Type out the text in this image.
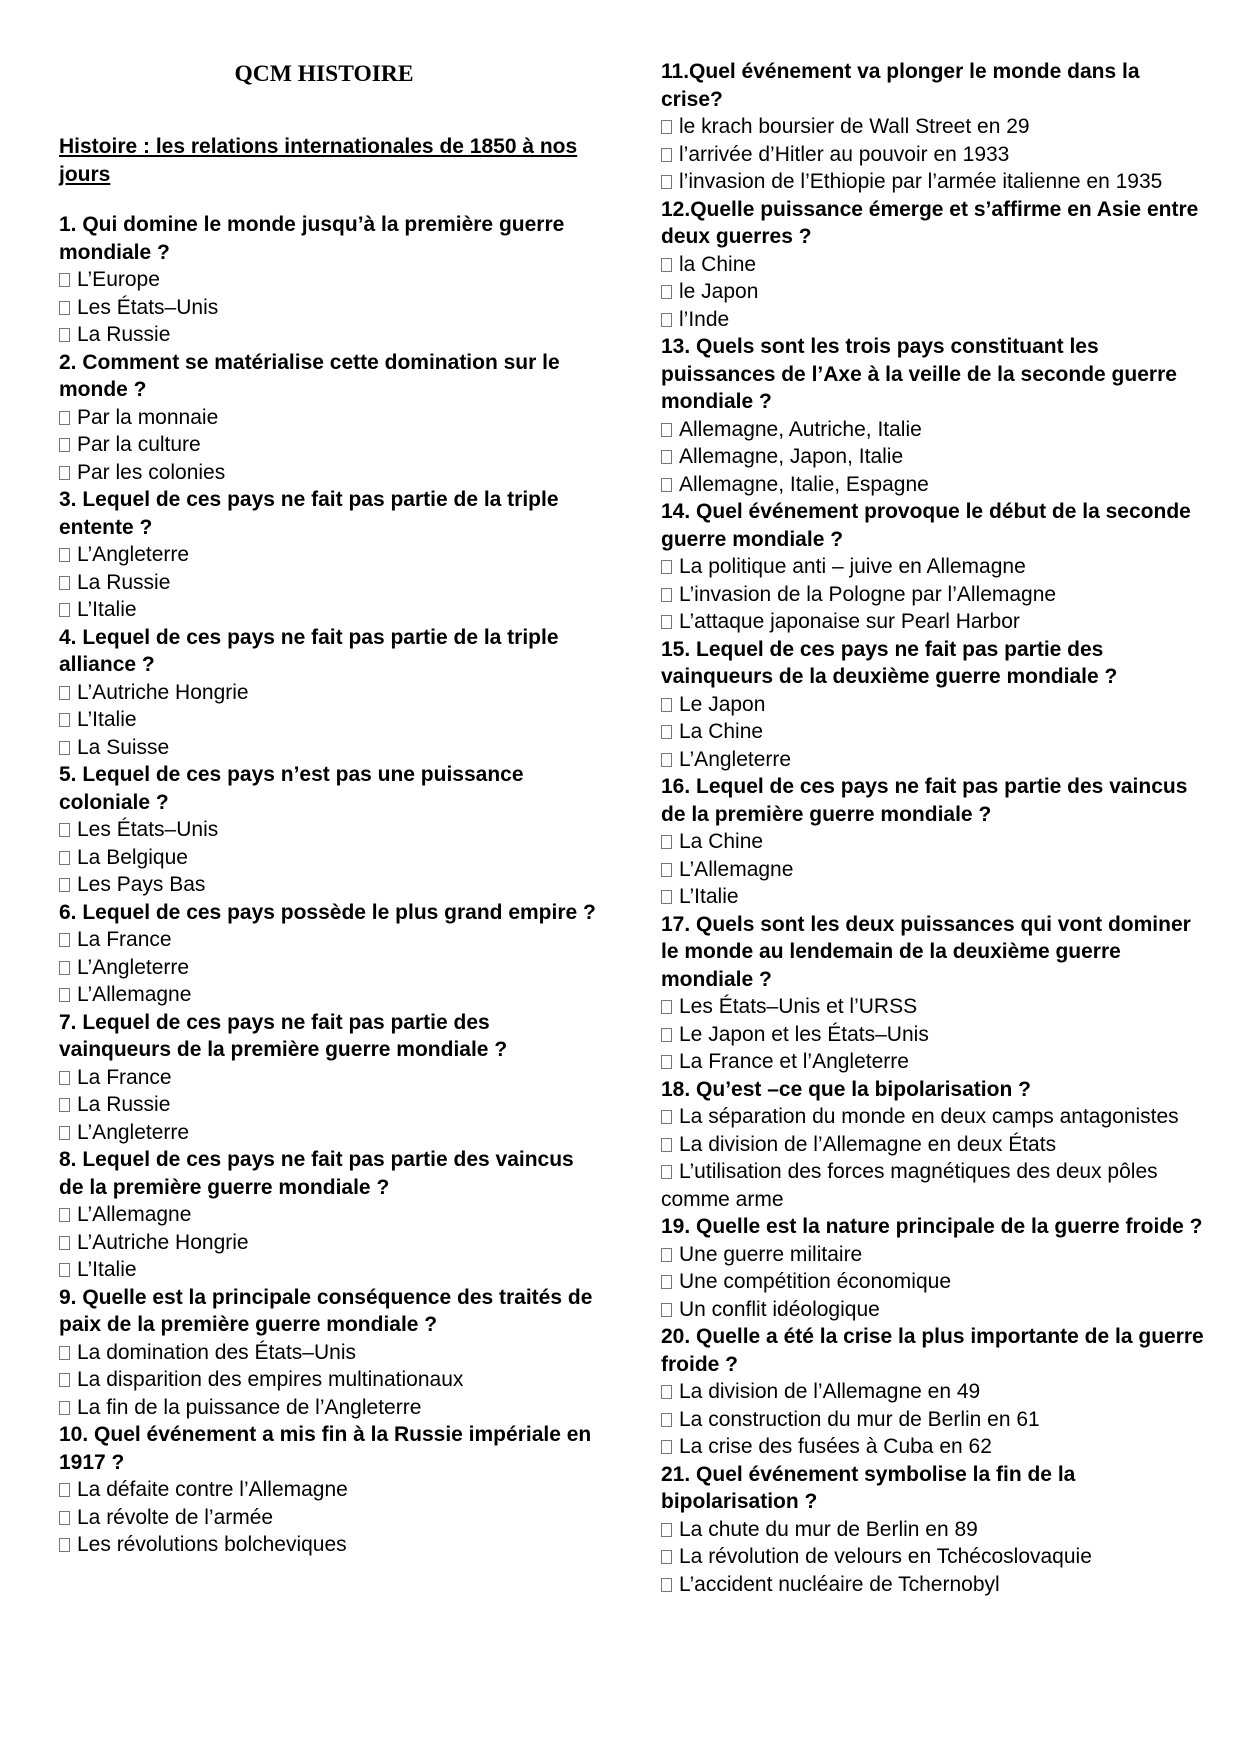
QCM HISTOIRE
Histoire : les relations internationales de 1850 à nos jours
1. Qui domine le monde jusqu’à la première guerre mondiale ?
L’Europe
Les États–Unis
La Russie
2. Comment se matérialise cette domination sur le monde ?
Par la monnaie
Par la culture
Par les colonies
3. Lequel de ces pays ne fait pas partie de la triple entente ?
L’Angleterre
La Russie
L’Italie
4. Lequel de ces pays ne fait pas partie de la triple alliance ?
L’Autriche Hongrie
L’Italie
La Suisse
5. Lequel de ces pays n’est pas une puissance coloniale ?
Les États–Unis
La Belgique
Les Pays Bas
6. Lequel de ces pays possède le plus grand empire ?
La France
L’Angleterre
L’Allemagne
7. Lequel de ces pays ne fait pas partie des vainqueurs de la première guerre mondiale ?
La France
La Russie
L’Angleterre
8. Lequel de ces pays ne fait pas partie des vaincus de la première guerre mondiale ?
L’Allemagne
L’Autriche Hongrie
L’Italie
9. Quelle est la principale conséquence des traités de paix de la première guerre mondiale ?
La domination des États–Unis
La disparition des empires multinationaux
La fin de la puissance de l’Angleterre
10. Quel événement a mis fin à la Russie impériale en 1917 ?
La défaite contre l’Allemagne
La révolte de l’armée
Les révolutions bolcheviques
11.Quel événement va plonger le monde dans la crise?
le krach boursier de Wall Street en 29
l’arrivée d’Hitler au pouvoir en 1933
l’invasion de l’Ethiopie par l’armée italienne en 1935
12.Quelle puissance émerge et s’affirme en Asie entre deux guerres ?
la Chine
le Japon
l’Inde
13. Quels sont les trois pays constituant les puissances de l’Axe à la veille de la seconde guerre mondiale ?
Allemagne, Autriche, Italie
Allemagne, Japon, Italie
Allemagne, Italie, Espagne
14. Quel événement provoque le début de la seconde guerre mondiale ?
La politique anti – juive en Allemagne
L’invasion de la Pologne par l’Allemagne
L’attaque japonaise sur Pearl Harbor
15. Lequel de ces pays ne fait pas partie des vainqueurs de la deuxième guerre mondiale ?
Le Japon
La Chine
L’Angleterre
16. Lequel de ces pays ne fait pas partie des vaincus de la première guerre mondiale ?
La Chine
L’Allemagne
L’Italie
17. Quels sont les deux puissances qui vont dominer le monde au lendemain de la deuxième guerre mondiale ?
Les États–Unis et l’URSS
Le Japon et les États–Unis
La France et l’Angleterre
18. Qu’est –ce que la bipolarisation ?
La séparation du monde en deux camps antagonistes
La division de l’Allemagne en deux États
L’utilisation des forces magnétiques des deux pôles comme arme
19. Quelle est la nature principale de la guerre froide ?
Une guerre militaire
Une compétition économique
Un conflit idéologique
20. Quelle a été la crise la plus importante de la guerre froide ?
La division de l’Allemagne en 49
La construction du mur de Berlin en 61
La crise des fusées à Cuba en 62
21. Quel événement symbolise la fin de la bipolarisation ?
La chute du mur de Berlin en 89
La révolution de velours en Tchécoslovaquie
L’accident nucléaire de Tchernobyl
